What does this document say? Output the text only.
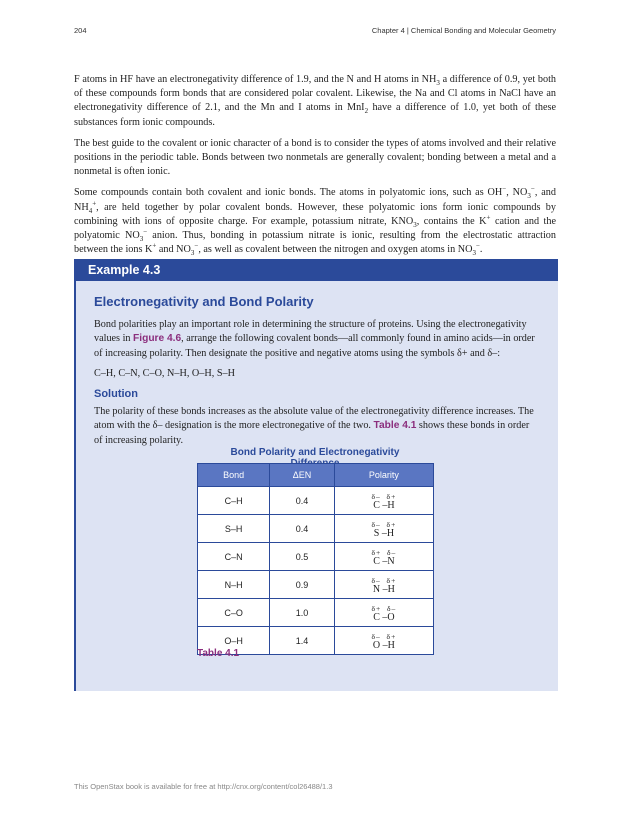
204	Chapter 4 | Chemical Bonding and Molecular Geometry

F atoms in HF have an electronegativity difference of 1.9, and the N and H atoms in $NH_3$ a difference of 0.9, yet both of these compounds form bonds that are considered polar covalent. Likewise, the Na and Cl atoms in NaCl have an electronegativity difference of 2.1, and the Mn and I atoms in MnI$_2$ have a difference of 1.0, yet both of these substances form ionic compounds.

The best guide to the covalent or ionic character of a bond is to consider the types of atoms involved and their relative positions in the periodic table. Bonds between two nonmetals are generally covalent; bonding between a metal and a nonmetal is often ionic.

Some compounds contain both covalent and ionic bonds. The atoms in polyatomic ions, such as OH−, $NO_3^-$, and $NH_4^+$, are held together by polar covalent bonds. However, these polyatomic ions form ionic compounds by combining with ions of opposite charge. For example, potassium nitrate, $KNO_3$, contains the K+ cation and the polyatomic $NO_3^-$ anion. Thus, bonding in potassium nitrate is ionic, resulting from the electrostatic attraction between the ions K+ and $NO_3^-$, as well as covalent between the nitrogen and oxygen atoms in $NO_3^-$.

Example 4.3
Electronegativity and Bond Polarity

Bond polarities play an important role in determining the structure of proteins. Using the electronegativity values in Figure 4.6, arrange the following covalent bonds—all commonly found in amino acids—in order of increasing polarity. Then designate the positive and negative atoms using the symbols δ+ and δ–:

C–H, C–N, C–O, N–H, O–H, S–H

Solution

The polarity of these bonds increases as the absolute value of the electronegativity difference increases. The atom with the δ– designation is the more electronegative of the two. Table 4.1 shows these bonds in order of increasing polarity.

Bond Polarity and Electronegativity
Bond	ΔEN	Polarity
C–H	0.4	δ– δ+
C –H
S–H	0.4	δ– δ+
S –H
C–N	0.5	δ+ δ–
C –N
N–H	0.9	δ– δ+
N –H
C–O	1.0	δ+ δ–
C –O
O–H	1.4	δ– δ+
O –H
Table 4.1
This OpenStax book is available for free at http://cnx.org/content/col26488/1.3
